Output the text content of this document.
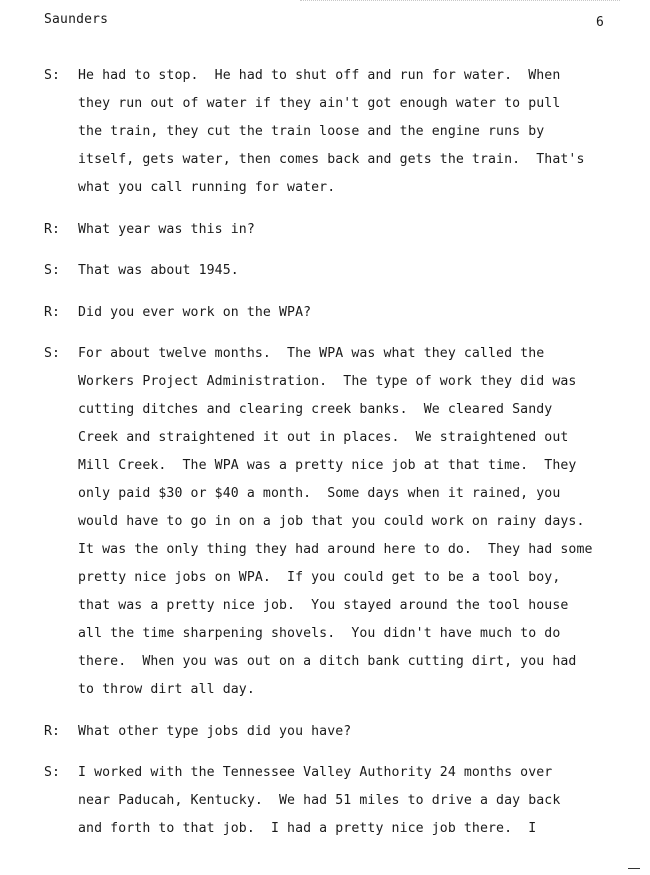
Saunders	6
S:	He had to stop.  He had to shut off and run for water.  When
they run out of water if they ain't got enough water to pull
the train, they cut the train loose and the engine runs by
itself, gets water, then comes back and gets the train.  That's
what you call running for water.
R:	What year was this in?
S:	That was about 1945.
R:	Did you ever work on the WPA?
S:	For about twelve months.  The WPA was what they called the
Workers Project Administration.  The type of work they did was
cutting ditches and clearing creek banks.  We cleared Sandy
Creek and straightened it out in places.  We straightened out
Mill Creek.  The WPA was a pretty nice job at that time.  They
only paid $30 or $40 a month.  Some days when it rained, you
would have to go in on a job that you could work on rainy days.
It was the only thing they had around here to do.  They had some
pretty nice jobs on WPA.  If you could get to be a tool boy,
that was a pretty nice job.  You stayed around the tool house
all the time sharpening shovels.  You didn't have much to do
there.  When you was out on a ditch bank cutting dirt, you had
to throw dirt all day.
R:	What other type jobs did you have?
S:	I worked with the Tennessee Valley Authority 24 months over
near Paducah, Kentucky.  We had 51 miles to drive a day back
and forth to that job.  I had a pretty nice job there.  I
